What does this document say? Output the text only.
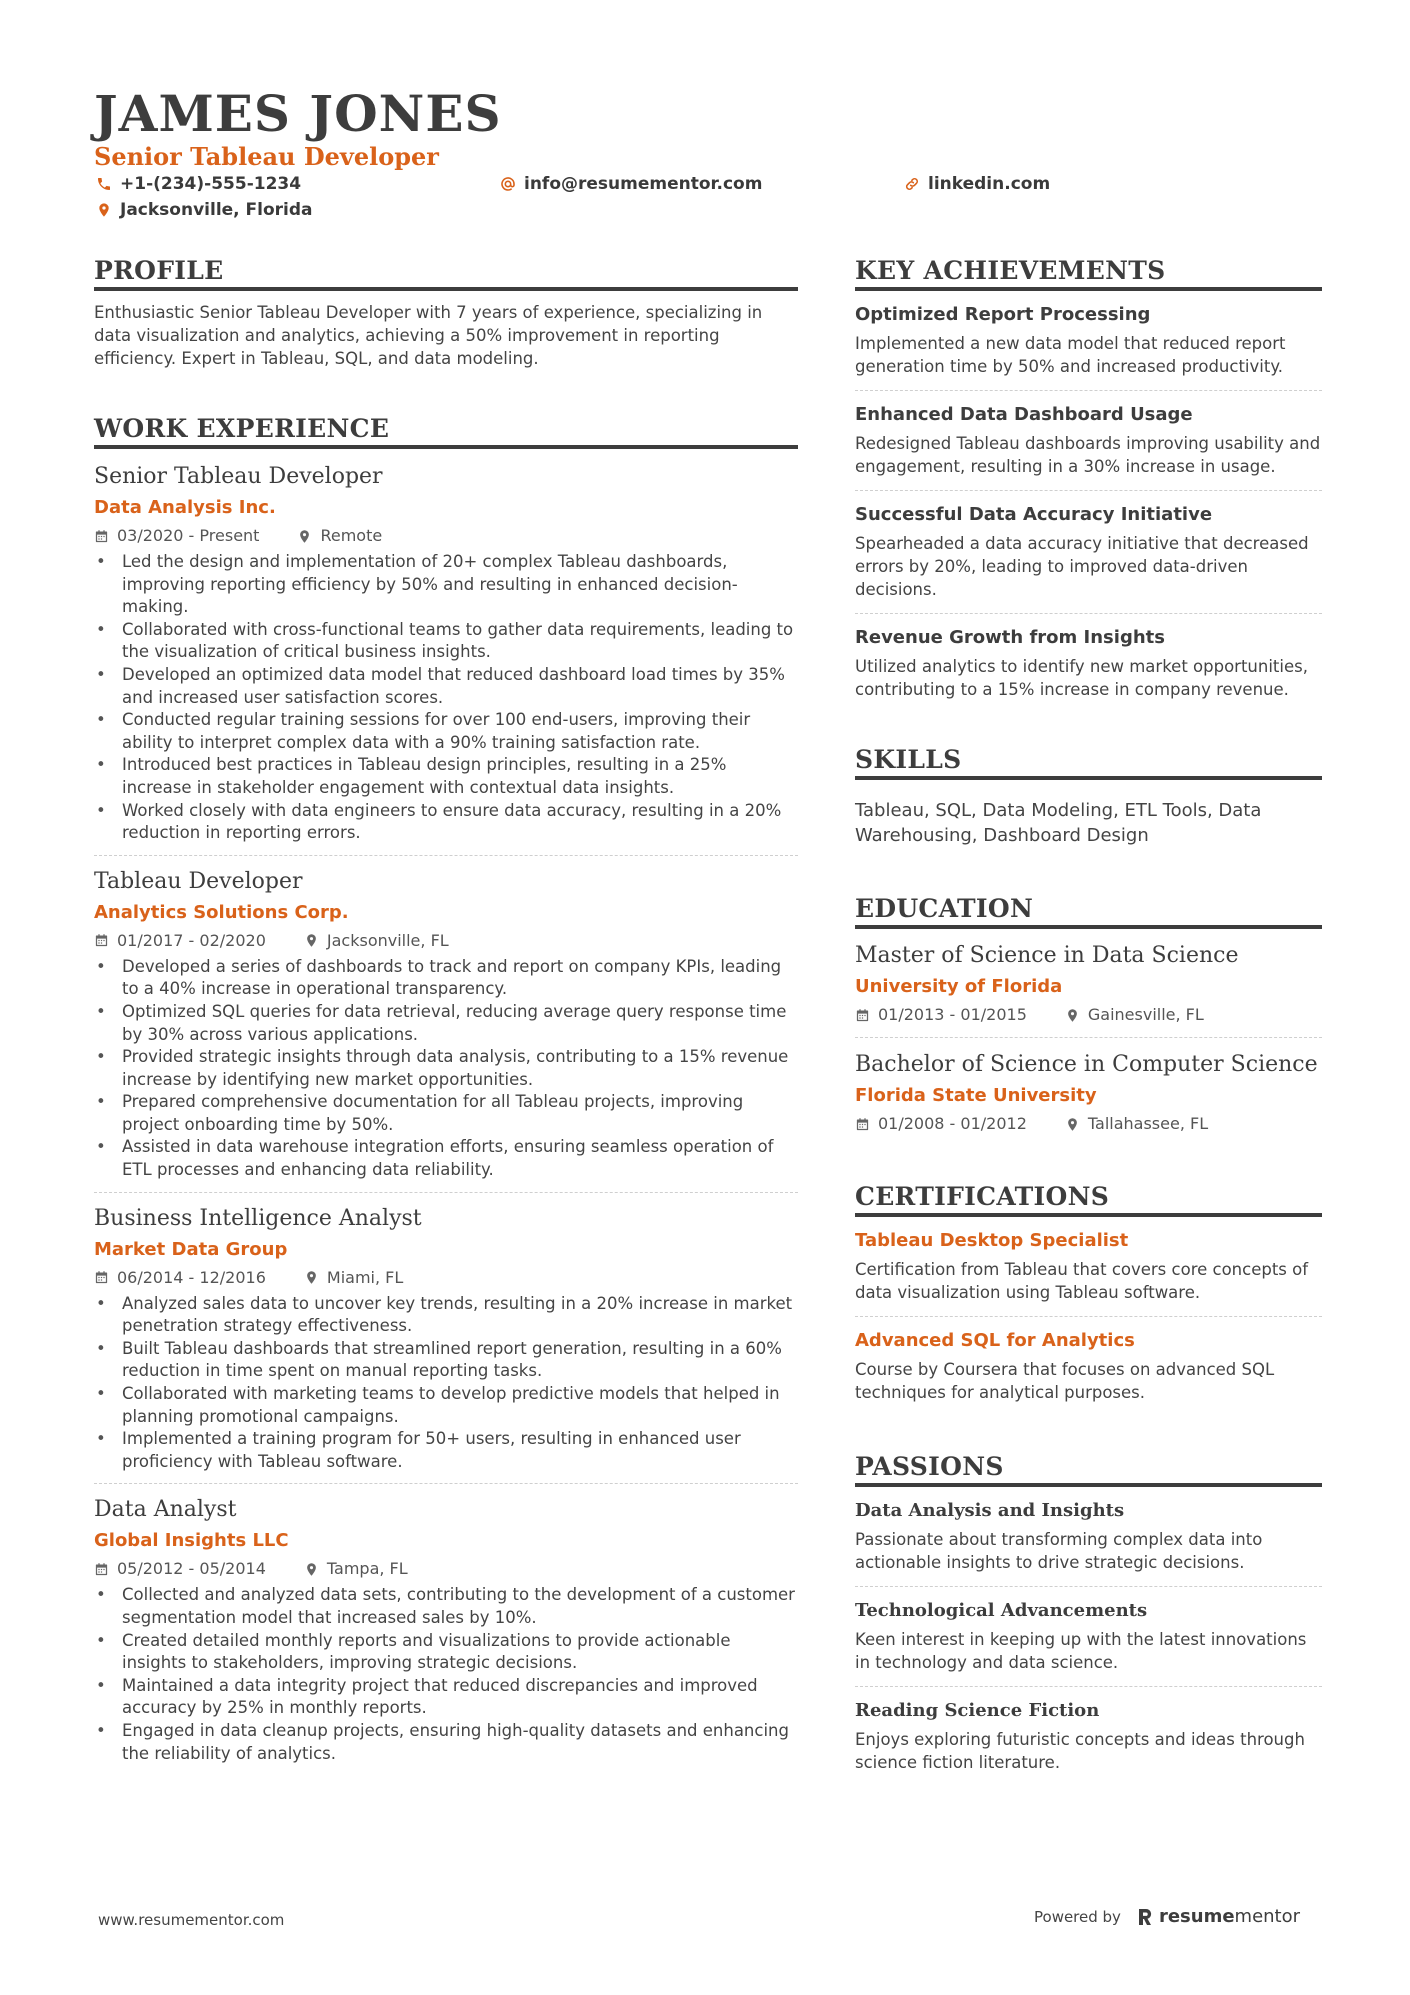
JAMES JONES
Senior Tableau Developer
+1-(234)-555-1234	info@resumementor.com	linkedin.com
Jacksonville, Florida
PROFILE
Enthusiastic Senior Tableau Developer with 7 years of experience, specializing in data visualization and analytics, achieving a 50% improvement in reporting efficiency. Expert in Tableau, SQL, and data modeling.
WORK EXPERIENCE
Senior Tableau Developer
Data Analysis Inc.
03/2020 - Present	Remote
• Led the design and implementation of 20+ complex Tableau dashboards, improving reporting efficiency by 50% and resulting in enhanced decision-making.
• Collaborated with cross-functional teams to gather data requirements, leading to the visualization of critical business insights.
• Developed an optimized data model that reduced dashboard load times by 35% and increased user satisfaction scores.
• Conducted regular training sessions for over 100 end-users, improving their ability to interpret complex data with a 90% training satisfaction rate.
• Introduced best practices in Tableau design principles, resulting in a 25% increase in stakeholder engagement with contextual data insights.
• Worked closely with data engineers to ensure data accuracy, resulting in a 20% reduction in reporting errors.
Tableau Developer
Analytics Solutions Corp.
01/2017 - 02/2020	Jacksonville, FL
• Developed a series of dashboards to track and report on company KPIs, leading to a 40% increase in operational transparency.
• Optimized SQL queries for data retrieval, reducing average query response time by 30% across various applications.
• Provided strategic insights through data analysis, contributing to a 15% revenue increase by identifying new market opportunities.
• Prepared comprehensive documentation for all Tableau projects, improving project onboarding time by 50%.
• Assisted in data warehouse integration efforts, ensuring seamless operation of ETL processes and enhancing data reliability.
Business Intelligence Analyst
Market Data Group
06/2014 - 12/2016	Miami, FL
• Analyzed sales data to uncover key trends, resulting in a 20% increase in market penetration strategy effectiveness.
• Built Tableau dashboards that streamlined report generation, resulting in a 60% reduction in time spent on manual reporting tasks.
• Collaborated with marketing teams to develop predictive models that helped in planning promotional campaigns.
• Implemented a training program for 50+ users, resulting in enhanced user proficiency with Tableau software.
Data Analyst
Global Insights LLC
05/2012 - 05/2014	Tampa, FL
• Collected and analyzed data sets, contributing to the development of a customer segmentation model that increased sales by 10%.
• Created detailed monthly reports and visualizations to provide actionable insights to stakeholders, improving strategic decisions.
• Maintained a data integrity project that reduced discrepancies and improved accuracy by 25% in monthly reports.
• Engaged in data cleanup projects, ensuring high-quality datasets and enhancing the reliability of analytics.
KEY ACHIEVEMENTS
Optimized Report Processing
Implemented a new data model that reduced report generation time by 50% and increased productivity.
Enhanced Data Dashboard Usage
Redesigned Tableau dashboards improving usability and engagement, resulting in a 30% increase in usage.
Successful Data Accuracy Initiative
Spearheaded a data accuracy initiative that decreased errors by 20%, leading to improved data-driven decisions.
Revenue Growth from Insights
Utilized analytics to identify new market opportunities, contributing to a 15% increase in company revenue.
SKILLS
Tableau, SQL, Data Modeling, ETL Tools, Data Warehousing, Dashboard Design
EDUCATION
Master of Science in Data Science
University of Florida
01/2013 - 01/2015	Gainesville, FL
Bachelor of Science in Computer Science
Florida State University
01/2008 - 01/2012	Tallahassee, FL
CERTIFICATIONS
Tableau Desktop Specialist
Certification from Tableau that covers core concepts of data visualization using Tableau software.
Advanced SQL for Analytics
Course by Coursera that focuses on advanced SQL techniques for analytical purposes.
PASSIONS
Data Analysis and Insights
Passionate about transforming complex data into actionable insights to drive strategic decisions.
Technological Advancements
Keen interest in keeping up with the latest innovations in technology and data science.
Reading Science Fiction
Enjoys exploring futuristic concepts and ideas through science fiction literature.
www.resumementor.com	Powered by resume mentor
